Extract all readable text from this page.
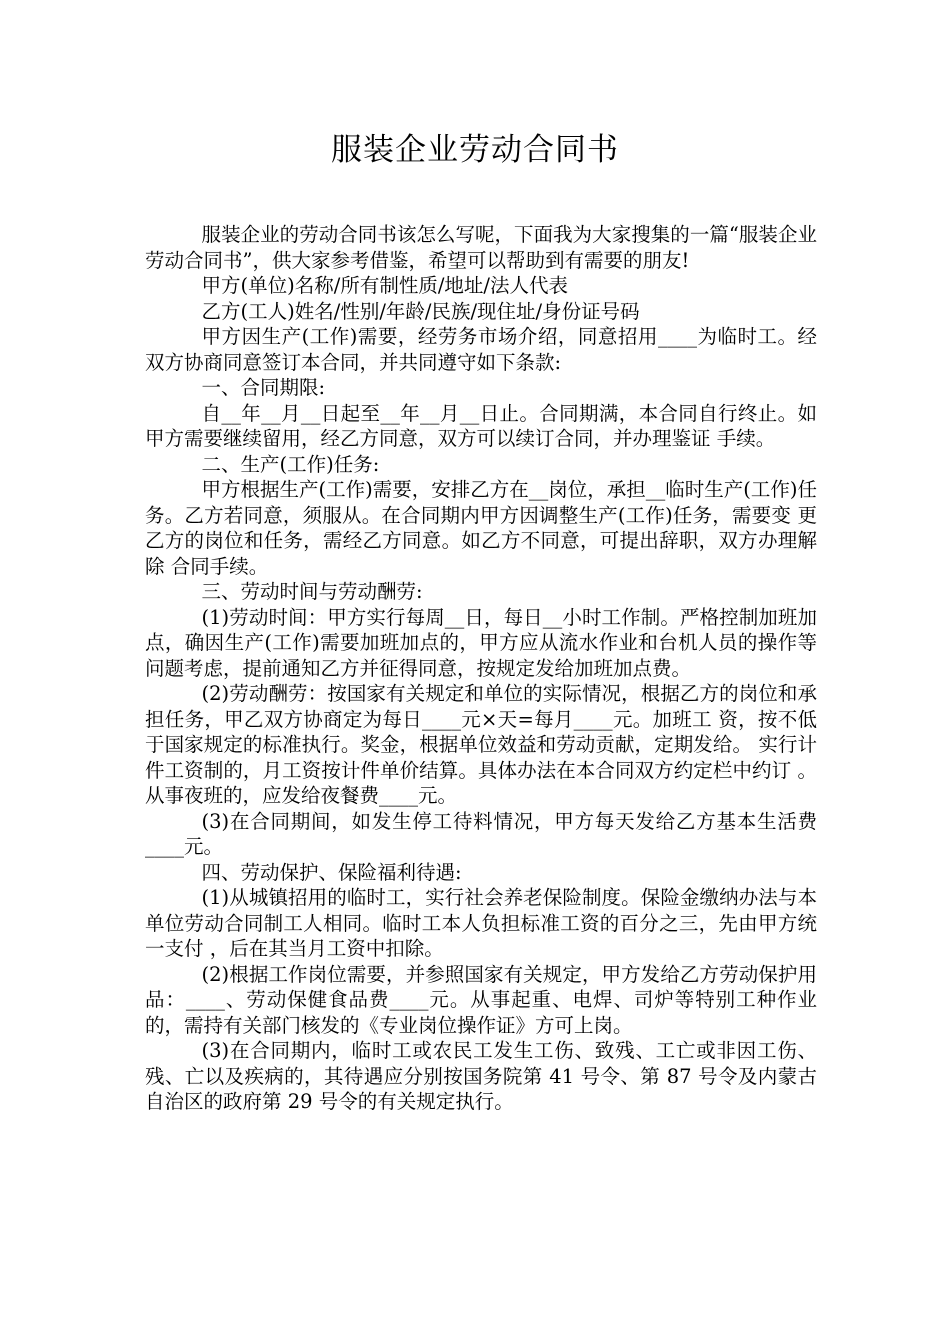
服装企业劳动合同书

服装企业的劳动合同书该怎么写呢，下面我为大家搜集的一篇“服装企业劳动合同书”，供大家参考借鉴，希望可以帮助到有需要的朋友!

甲方(单位)名称/所有制性质/地址/法人代表

乙方(工人)姓名/性别/年龄/民族/现住址/身份证号码

甲方因生产(工作)需要，经劳务市场介绍，同意招用____为临时工。经双方协商同意签订本合同，并共同遵守如下条款:

一、合同期限:

自__年__月__日起至__年__月__日止。合同期满，本合同自行终止。如甲方需要继续留用，经乙方同意，双方可以续订合同，并办理鉴证 手续。

二、生产(工作)任务:

甲方根据生产(工作)需要，安排乙方在__岗位，承担__临时生产(工作)任务。乙方若同意，须服从。在合同期内甲方因调整生产(工作)任务，需要变 更乙方的岗位和任务，需经乙方同意。如乙方不同意，可提出辞职，双方办理解除 合同手续。

三、劳动时间与劳动酬劳:

(1)劳动时间：甲方实行每周__日，每日__小时工作制。严格控制加班加点，确因生产(工作)需要加班加点的，甲方应从流水作业和台机人员的操作等 问题考虑，提前通知乙方并征得同意，按规定发给加班加点费。

(2)劳动酬劳：按国家有关规定和单位的实际情况，根据乙方的岗位和承担任务，甲乙双方协商定为每日____元×天=每月____元。加班工 资，按不低于国家规定的标准执行。奖金，根据单位效益和劳动贡献，定期发给。 实行计件工资制的，月工资按计件单价结算。具体办法在本合同双方约定栏中约订 。从事夜班的，应发给夜餐费____元。

(3)在合同期间，如发生停工待料情况，甲方每天发给乙方基本生活费____元。

四、劳动保护、保险福利待遇:

(1)从城镇招用的临时工，实行社会养老保险制度。保险金缴纳办法与本单位劳动合同制工人相同。临时工本人负担标准工资的百分之三，先由甲方统一支付 ，后在其当月工资中扣除。

(2)根据工作岗位需要，并参照国家有关规定，甲方发给乙方劳动保护用品：____、劳动保健食品费____元。从事起重、电焊、司炉等特别工种作业 的，需持有关部门核发的《专业岗位操作证》方可上岗。

(3)在合同期内，临时工或农民工发生工伤、致残、工亡或非因工伤、残、亡以及疾病的，其待遇应分别按国务院第 41 号令、第 87 号令及内蒙古自治区的政府第 29 号令的有关规定执行。
